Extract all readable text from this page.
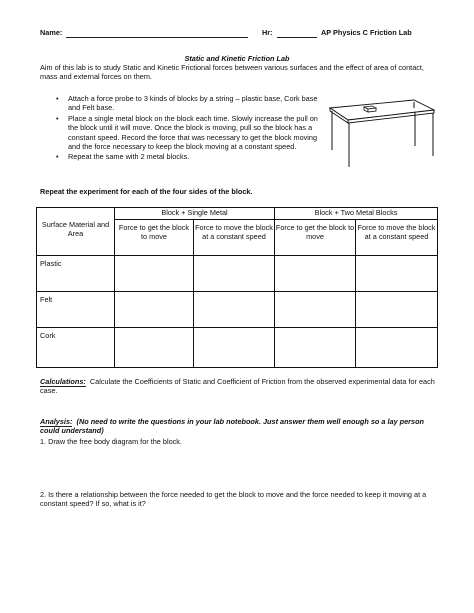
Name:	Hr:	AP Physics C Friction Lab
Static and Kinetic Friction Lab
Aim of this lab is to study Static and Kinetic Frictional forces between various surfaces and the effect of area of contact, mass and external forces on them.
• Attach a force probe to 3 kinds of blocks by a string – plastic base, Cork base and Felt base.
• Place a single metal block on the block each time. Slowly increase the pull on the block until it will move. Once the block is moving, pull so the block has a constant speed. Record the force that was necessary to get the block moving and the force necessary to keep the block moving at a constant speed.
• Repeat the same with 2 metal blocks.
Repeat the experiment for each of the four sides of the block.
Surface Material and Area	Block + Single Metal		Block + Two Metal Blocks	
	Force to get the block to move	Force to move the block at a constant speed	Force to get the block to move	Force to move the block at a constant speed
Plastic				
Felt				
Cork				
Calculations: Calculate the Coefficients of Static and Coefficient of Friction from the observed experimental data for each case.
Analysis: (No need to write the questions in your lab notebook. Just answer them well enough so a lay person could understand)
1. Draw the free body diagram for the block.
2. Is there a relationship between the force needed to get the block to move and the force needed to keep it moving at a constant speed? If so, what is it?
